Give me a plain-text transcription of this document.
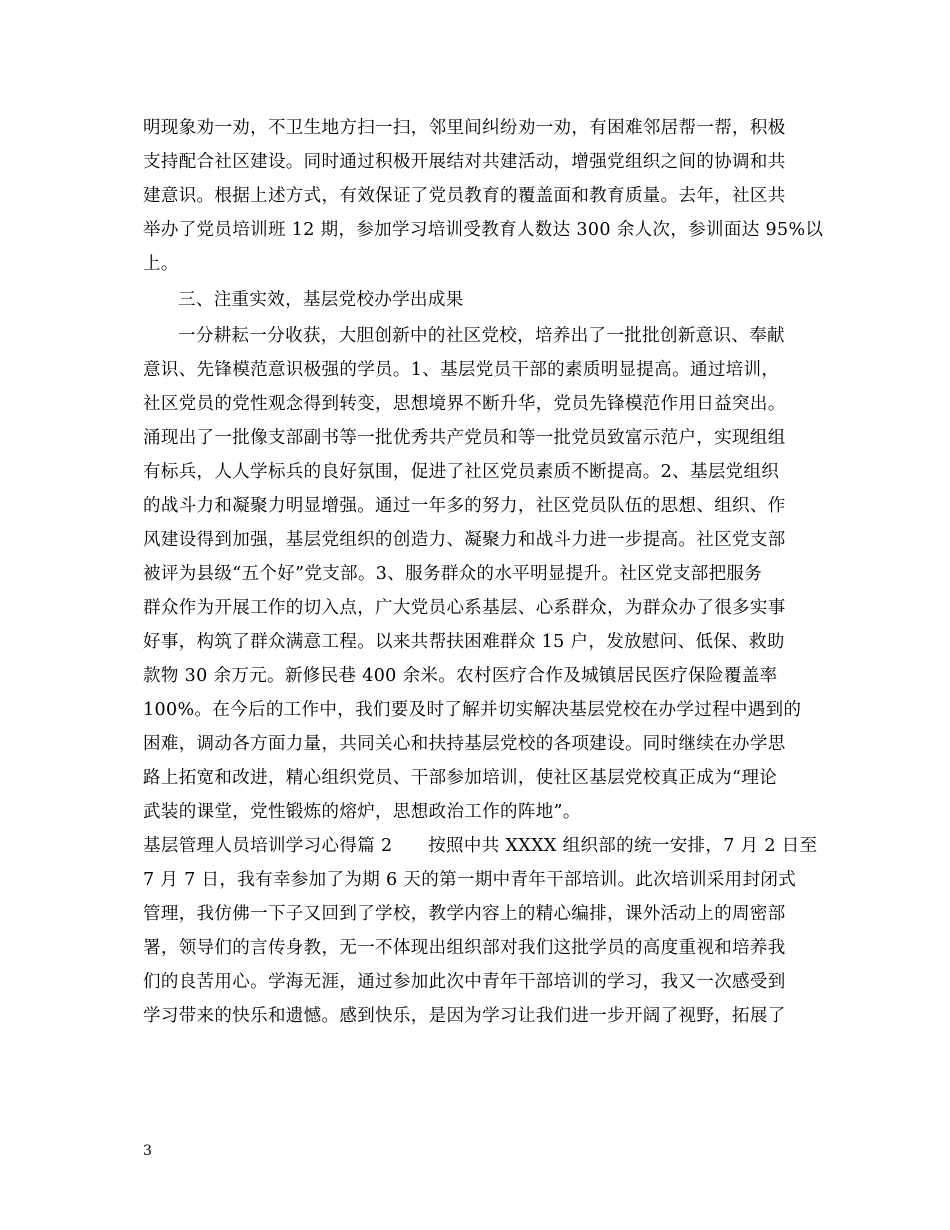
明现象劝一劝，不卫生地方扫一扫，邻里间纠纷劝一劝，有困难邻居帮一帮，积极
支持配合社区建设。同时通过积极开展结对共建活动，增强党组织之间的协调和共
建意识。根据上述方式，有效保证了党员教育的覆盖面和教育质量。去年，社区共
举办了党员培训班 12 期，参加学习培训受教育人数达 300 余人次，参训面达 95%以
上。
三、注重实效，基层党校办学出成果
一分耕耘一分收获，大胆创新中的社区党校，培养出了一批批创新意识、奉献
意识、先锋模范意识极强的学员。1、基层党员干部的素质明显提高。通过培训，
社区党员的党性观念得到转变，思想境界不断升华，党员先锋模范作用日益突出。
涌现出了一批像支部副书等一批优秀共产党员和等一批党员致富示范户，实现组组
有标兵，人人学标兵的良好氛围，促进了社区党员素质不断提高。2、基层党组织
的战斗力和凝聚力明显增强。通过一年多的努力，社区党员队伍的思想、组织、作
风建设得到加强，基层党组织的创造力、凝聚力和战斗力进一步提高。社区党支部
被评为县级“五个好”党支部。3、服务群众的水平明显提升。社区党支部把服务
群众作为开展工作的切入点，广大党员心系基层、心系群众，为群众办了很多实事
好事，构筑了群众满意工程。以来共帮扶困难群众 15 户，发放慰问、低保、救助
款物 30 余万元。新修民巷 400 余米。农村医疗合作及城镇居民医疗保险覆盖率
100%。在今后的工作中，我们要及时了解并切实解决基层党校在办学过程中遇到的
困难，调动各方面力量，共同关心和扶持基层党校的各项建设。同时继续在办学思
路上拓宽和改进，精心组织党员、干部参加培训，使社区基层党校真正成为“理论
武装的课堂，党性锻炼的熔炉，思想政治工作的阵地”。
基层管理人员培训学习心得篇 2　　按照中共 XXXX 组织部的统一安排，7 月 2 日至
7 月 7 日，我有幸参加了为期 6 天的第一期中青年干部培训。此次培训采用封闭式
管理，我仿佛一下子又回到了学校，教学内容上的精心编排，课外活动上的周密部
署，领导们的言传身教，无一不体现出组织部对我们这批学员的高度重视和培养我
们的良苦用心。学海无涯，通过参加此次中青年干部培训的学习，我又一次感受到
学习带来的快乐和遗憾。感到快乐，是因为学习让我们进一步开阔了视野，拓展了
3
